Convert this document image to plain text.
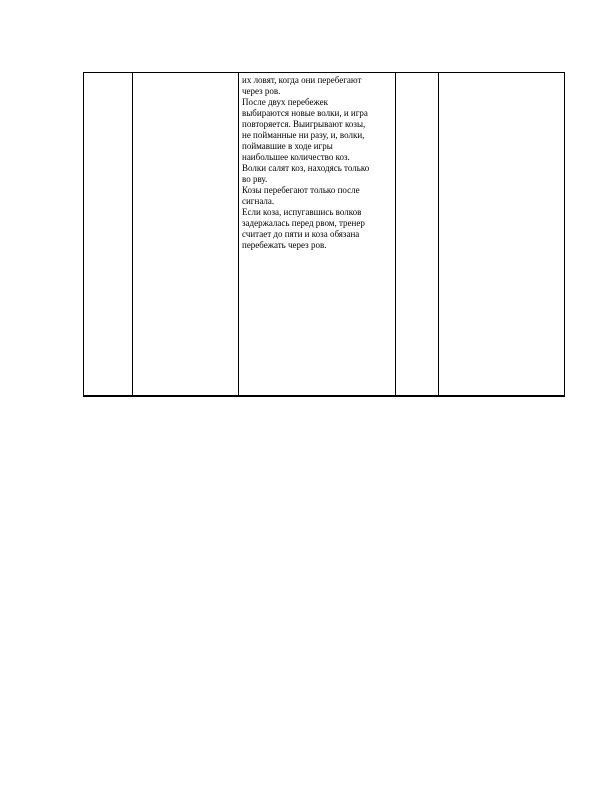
их ловят, когда они перебегают
через ров.
После двух перебежек
выбираются новые волки, и игра
повторяется. Выигрывают козы,
не пойманные ни разу, и, волки,
поймавшие в ходе игры
наибольшее количество коз.
Волки салят коз, находясь только
во рву.
Козы перебегают только после
сигнала.
Если коза, испугавшись волков
задержалась перед рвом, тренер
считает до пяти и коза обязана
перебежать через ров.
